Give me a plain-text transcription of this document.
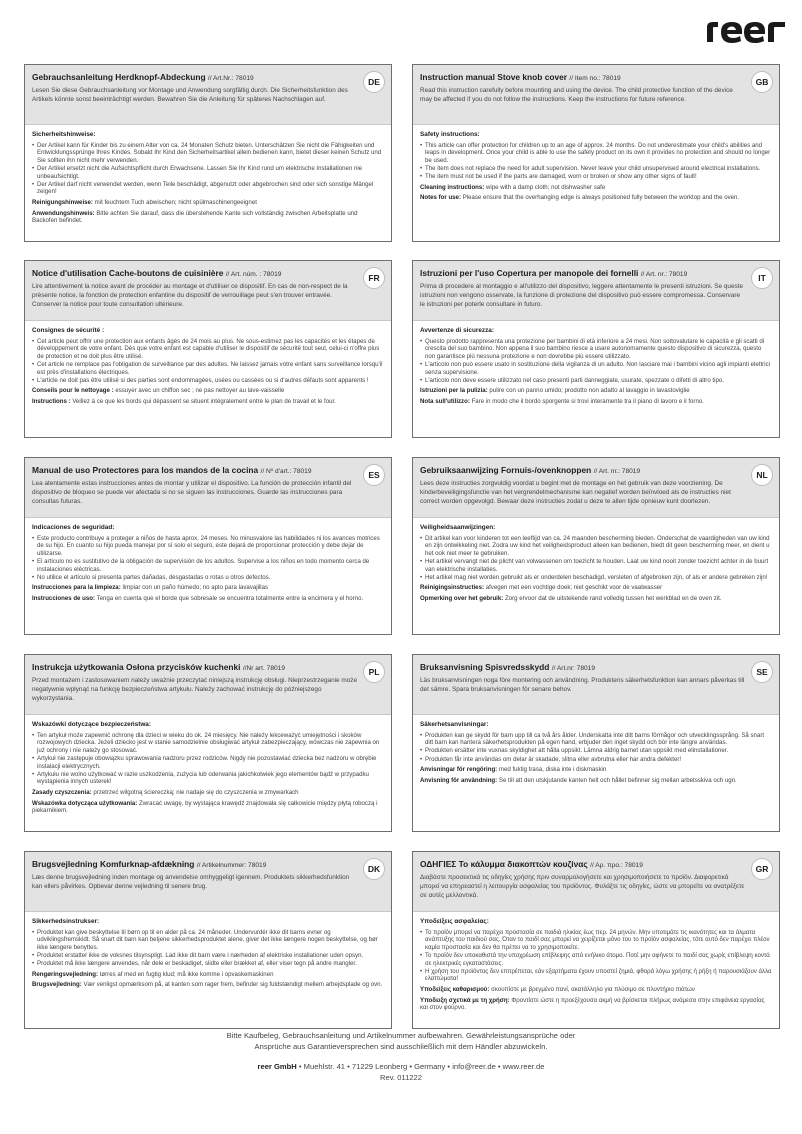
Gebrauchsanleitung Herdknopf-Abdeckung // Art.Nr.: 78019
Lesen Sie diese Gebrauchsanleitung vor Montage und Anwendung sorgfältig durch. Die Sicherheitsfunktion des Artikels könnte sonst beeinträchtigt werden. Bewahren Sie die Anleitung für späteres Nachschlagen auf.
DE
Sicherheitshinweise:
• Der Artikel kann für Kinder bis zu einem Alter von ca. 24 Monaten Schutz bieten. Unterschätzen Sie nicht die Fähigkeiten und Entwicklungssprünge Ihres Kindes. Sobald Ihr Kind den Sicherheitsartikel allein bedienen kann, bietet dieser keinen Schutz und Sie sollten ihn nicht mehr verwenden.
• Der Artikel ersetzt nicht die Aufsichtspflicht durch Erwachsene. Lassen Sie Ihr Kind rund um elektrische Installationen nie unbeaufsichtigt.
• Der Artikel darf nicht verwendet werden, wenn Teile beschädigt, abgenutzt oder abgebrochen sind oder sich sonstige Mängel zeigen!
Reinigungshinweise: mit feuchtem Tuch abwischen; nicht spülmaschinengeeignet
Anwendungshinweis: Bitte achten Sie darauf, dass die überstehende Kante sich vollständig zwischen Arbeitsplatte und Backofen befindet.
Instruction manual Stove knob cover // Item no.: 78019
Read this instruction carefully before mounting and using the device. The child protective function of the device may be affected if you do not follow the instructions. Keep the instructions for future reference.
GB
Safety instructions:
• This article can offer protection for children up to an age of approx. 24 months. Do not underestimate your child's abilities and leaps in development. Once your child is able to use the safety product on its own it provides no protection and should no longer be used.
• The item does not replace the need for adult supervision. Never leave your child unsupervised around electrical installations.
• The item must not be used if the parts are damaged, worn or broken or show any other signs of fault!
Cleaning instructions: wipe with a damp cloth; not dishwasher safe
Notes for use: Please ensure that the overhanging edge is always positioned fully between the worktop and the oven.
Notice d'utilisation Cache-boutons de cuisinière // Art. núm. : 78019
Lire attentivement la notice avant de procéder au montage et d'utiliser ce dispositif. En cas de non-respect de la présente notice, la fonction de protection enfantine du dispositif de verrouillage peut s'en trouver entravée. Conserver la notice pour toute consultation ultérieure.
FR
Consignes de sécurité :
• Cet article peut offrir une protection aux enfants âgés de 24 mois au plus. Ne sous-estimez pas les capacités et les étapes de développement de votre enfant. Dès que votre enfant est capable d'utiliser le dispositif de sécurité tout seul, celui-ci n'offre plus de protection et ne doit plus être utilisé.
• Cet article ne remplace pas l'obligation de surveillance par des adultes. Ne laissez jamais votre enfant sans surveillance lorsqu'il est près d'installations électriques.
• L'article ne doit pas être utilisé si des parties sont endommagées, usées ou cassées ou si d'autres défauts sont apparents !
Conseils pour le nettoyage : essuyer avec un chiffon sec ; ne pas nettoyer au lave-vaisselle
Instructions : Veillez à ce que les bords qui dépassent se situent intégralement entre le plan de travail et le four.
Istruzioni per l'uso Copertura per manopole dei fornelli // Art. nr.: 78019
Prima di procedere al montaggio e all'utilizzo del dispositivo, leggere attentamente le presenti istruzioni. Se queste istruzioni non vengono osservate, la funzione di protezione del dispositivo può essere compromessa. Conservare le istruzioni per poterle consultare in futuro.
IT
Avvertenze di sicurezza:
• Questo prodotto rappresenta una protezione per bambini di età inferiore a 24 mesi. Non sottovalutare le capacità e gli scatti di crescita del suo bambino. Non appena il suo bambino riesce a usare autonomamente questo dispositivo di sicurezza, questo non garantisce più nessuna protezione e non dovrebbe più essere utilizzato.
• L'articolo non può essere usato in sostituzione della vigilanza di un adulto. Non lasciare mai i bambini vicino agli impianti elettrici senza supervisione.
• L'articolo non deve essere utilizzato nel caso presenti parti danneggiate, usurate, spezzate o difetti di altro tipo.
Istruzioni per la pulizia: pulire con un panno umido; prodotto non adatto al lavaggio in lavastoviglie
Nota sull'utilizzo: Fare in modo che il bordo sporgente si trovi interamente tra il piano di lavoro e il forno.
Manual de uso Protectores para los mandos de la cocina // Nº d'art.: 78019
Lea atentamente estas instrucciones antes de montar y utilizar el dispositivo. La función de protección infantil del dispositivo de bloqueo se puede ver afectada si no se siguen las instrucciones. Guarde las instrucciones para consultas futuras.
ES
Indicaciones de seguridad:
• Este producto contribuye a proteger a niños de hasta aprox. 24 meses. No minusvalore las habilidades ni los avances motrices de su hijo. En cuanto su hijo pueda manejar por sí solo el seguro, este dejará de proporcionar protección y debe dejar de utilizarse.
• El artículo no es sustitutivo de la obligación de supervisión de los adultos. Supervise a los niños en todo momento cerca de instalaciones eléctricas.
• No utilice el artículo si presenta partes dañadas, desgastadas o rotas u otros defectos.
Instrucciones para la limpieza: limpiar con un paño húmedo; no apto para lavavajillas
Instrucciones de uso: Tenga en cuenta que el borde que sobresale se encuentra totalmente entre la encimera y el horno.
Gebruiksaanwijzing Fornuis-/ovenknoppen // Art. nr.: 78019
Lees deze instructies zorgvuldig voordat u begint met de montage en het gebruik van deze voorziening. De kinderbeveiligingsfunctie van het vergrendelmechanisme kan negatief worden beïnvloed als de instructies niet correct worden opgevolgd. Bewaar deze instructies zodat u deze te allen tijde opnieuw kunt doorlezen.
NL
Veiligheidsaanwijzingen:
• Dit artikel kan voor kinderen tot een leeftijd van ca. 24 maanden bescherming bieden. Onderschat de vaardigheden van uw kind en zijn ontwikkeling niet. Zodra uw kind het veiligheidsproduct alleen kan bedienen, biedt dit geen bescherming meer, en dient u het ook niet meer te gebruiken.
• Het artikel vervangt niet de plicht van volwassenen om toezicht te houden. Laat uw kind nooit zonder toezicht achter in de buurt van elektrische installaties.
• Het artikel mag niet worden gebruikt als er onderdelen beschadigd, versleten of afgebroken zijn, of als er andere gebreken zijn!
Reinigingsinstructies: afvegen met een vochtige doek; niet geschikt voor de vaatwasser
Opmerking over het gebruik: Zorg ervoor dat de uitstekende rand volledig tussen het werkblad en de oven zit.
Instrukcja użytkowania Osłona przycisków kuchenki //Nr art. 78019
Przed montażem i zastosowaniem należy uważnie przeczytać niniejszą instrukcję obsługi. Nieprzestrzeganie może negatywnie wpłynąć na funkcję bezpieczeństwa artykułu. Należy zachować instrukcję do późniejszego wykorzystania.
PL
Wskazówki dotyczące bezpieczeństwa:
• Ten artykuł może zapewnić ochronę dla dzieci w wieku do ok. 24 miesięcy. Nie należy lekceważyć umiejętności i skoków rozwojowych dziecka. Jeżeli dziecko jest w stanie samodzielnie obsługiwać artykuł zabezpieczający, wówczas nie zapewnia on już ochrony i nie należy go stosować.
• Artykuł nie zastępuje obowiązku sprawowania nadzoru przez rodziców. Nigdy nie pozostawiać dziecka bez nadzoru w obrębie instalacji elektrycznych.
• Artykułu nie wolno użytkować w razie uszkodzenia, zużycia lub oderwania jakichkolwiek jego elementów bądź w przypadku wystąpienia innych usterek!
Zasady czyszczenia: przetrzeć wilgotną ściereczką; nie nadaje się do czyszczenia w zmywarkach
Wskazówka dotycząca użytkowania: Zwracać uwagę, by wystająca krawędź znajdowała się całkowicie między płytą roboczą i piekarnikiem.
Bruksanvisning Spisvredsskydd // Art.nr: 78019
Läs bruksanvisningen noga före montering och användning. Produktens säkerhetsfunktion kan annars påverkas till det sämre. Spara bruksanvisningen för senare behov.
SE
Säkerhetsanvisningar:
• Produkten kan ge skydd för barn upp till ca två års ålder. Underskatta inte ditt barns förmågor och utvecklingssprång. Så snart ditt barn kan hantera säkerhetsprodukten på egen hand, erbjuder den inget skydd och bör inte längre användas.
• Produkten ersätter inte vuxnas skyldighet att hålla uppsikt. Lämna aldrig barnet utan uppsikt med elinstallationer.
• Produkten får inte användas om delar är skadade, slitna eller avbrutna eller har andra defekter!
Anvisningar för rengöring: med fuktig trasa, diska inte i diskmaskin
Anvisning för användning: Se till att den utskjutande kanten helt och hållet befinner sig mellan arbetsskiva och ugn.
Brugsvejledning Komfurknap-afdækning // Artikelnummer: 78019
Læs denne brugsvejledning inden montage og anvendelse omhyggeligt igennem. Produktets sikkerhedsfunktion kan ellers påvirkes. Opbevar denne vejledning til senere brug.
DK
Sikkerhedsinstrukser:
• Produktet kan give beskyttelse til børn op til en alder på ca. 24 måneder. Undervurdér ikke dit barns evner og udviklingsfremskidt. Så snart dit barn kan betjene sikkerhedsproduktet alene, giver det ikke længere nogen beskyttelse, og bør ikke længere benyttes.
• Produktet erstatter ikke de voksnes tilsynspligt. Lad ikke dit barn være i nærheden af elektriske installationer uden opsyn.
• Produktet må ikke længere anvendes, når dele er beskadiget, slidte eller brækket af, eller viser tegn på andre mangler.
Rengøringsvejledning: tørres af med en fugtig klud; må ikke komme i opvaskemaskinen
Brugsvejledning: Vær venligst opmærksom på, at kanten som rager frem, befinder sig fuldstændigt mellem arbejdsplade og ovn.
ΟΔΗΓΙΕΣ Το κάλυμμα διακοπτών κουζίνας // Αρ. προ.: 78019
Διαβάστε προσεκτικά τις οδηγίες χρήσης πριν συναρμολογήσετε και χρησιμοποιήσετε το προϊόν. Διαφορετικά μπορεί να επηρεαστεί η λειτουργία ασφαλείας του προϊόντος. Φυλάξτε τις οδηγίες, ώστε να μπορείτε να ανατρέξετε σε αυτές μελλοντικά.
GR
Υποδείξεις ασφαλείας:
• Το προϊόν μπορεί να παρέχει προστασία σε παιδιά ηλικίας έως περ. 24 μηνών. Μην υποτιμάτε τις ικανότητες και τα άλματα ανάπτυξης του παιδιού σας. Όταν το παιδί σας μπορεί να χειρίζεται μόνο του το προϊόν ασφαλείας, τότε αυτό δεν παρέχει πλέον καμία προστασία και δεν θα πρέπει να το χρησιμοποιείτε.
• Το προϊόν δεν υποκαθιστά την υποχρέωση επίβλεψης από ενήλικο άτομο. Ποτέ μην αφήνετε το παιδί σας χωρίς επίβλεψη κοντά σε ηλεκτρικές εγκαταστάσεις.
• Η χρήση του προϊόντος δεν επιτρέπεται, εάν εξαρτήματα έχουν υποστεί ζημιά, φθορά λόγω χρήσης ή ρήξη ή παρουσιάζουν άλλα ελαττώματα!
Υποδείξεις καθαρισμού: σκουπίστε με βρεγμένο πανί, ακατάλληλο για πλύσιμο σε πλυντήριο πιάτων
Υποδειξη σχετικά με τη χρήση: Φροντίστε ώστε η προεξέχουσα ακμή να βρίσκεται πλήρως ανάμεσα στην επιφάνεια εργασίας και στον φούρνο.
Bitte Kaufbeleg, Gebrauchsanleitung und Artikelnummer aufbewahren. Gewährleistungsansprüche oder
Ansprüche aus Garantieversprechen sind ausschließlich mit dem Händler abzuwickeln.
reer GmbH • Muehlstr. 41 • 71229 Leonberg • Germany • info@reer.de • www.reer.de
Rev. 011222
